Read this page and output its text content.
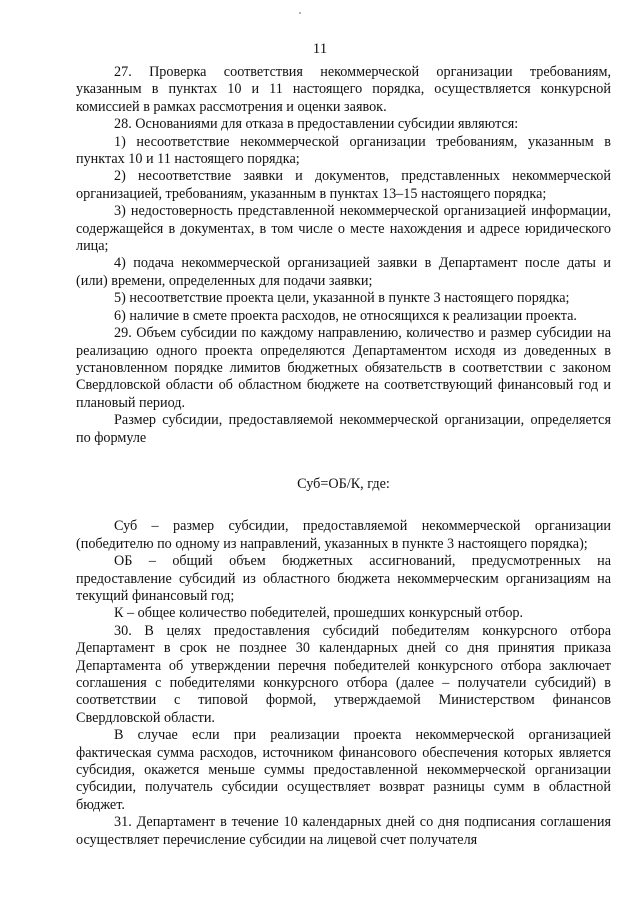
11

27. Проверка соответствия некоммерческой организации требованиям, указанным в пунктах 10 и 11 настоящего порядка, осуществляется конкурсной комиссией в рамках рассмотрения и оценки заявок.

28. Основаниями для отказа в предоставлении субсидии являются:

1) несоответствие некоммерческой организации требованиям, указанным в пунктах 10 и 11 настоящего порядка;

2) несоответствие заявки и документов, представленных некоммерческой организацией, требованиям, указанным в пунктах 13–15 настоящего порядка;

3) недостоверность представленной некоммерческой организацией информации, содержащейся в документах, в том числе о месте нахождения и адресе юридического лица;

4) подача некоммерческой организацией заявки в Департамент после даты и (или) времени, определенных для подачи заявки;

5) несоответствие проекта цели, указанной в пункте 3 настоящего порядка;

6) наличие в смете проекта расходов, не относящихся к реализации проекта.

29. Объем субсидии по каждому направлению, количество и размер субсидии на реализацию одного проекта определяются Департаментом исходя из доведенных в установленном порядке лимитов бюджетных обязательств в соответствии с законом Свердловской области об областном бюджете на соответствующий финансовый год и плановый период.

Размер субсидии, предоставляемой некоммерческой организации, определяется по формуле

Суб=ОБ/К, где:

Суб – размер субсидии, предоставляемой некоммерческой организации (победителю по одному из направлений, указанных в пункте 3 настоящего порядка);

ОБ – общий объем бюджетных ассигнований, предусмотренных на предоставление субсидий из областного бюджета некоммерческим организациям на текущий финансовый год;

К – общее количество победителей, прошедших конкурсный отбор.

30. В целях предоставления субсидий победителям конкурсного отбора Департамент в срок не позднее 30 календарных дней со дня принятия приказа Департамента об утверждении перечня победителей конкурсного отбора заключает соглашения с победителями конкурсного отбора (далее – получатели субсидий) в соответствии с типовой формой, утверждаемой Министерством финансов Свердловской области.

В случае если при реализации проекта некоммерческой организацией фактическая сумма расходов, источником финансового обеспечения которых является субсидия, окажется меньше суммы предоставленной некоммерческой организации субсидии, получатель субсидии осуществляет возврат разницы сумм в областной бюджет.

31. Департамент в течение 10 календарных дней со дня подписания соглашения осуществляет перечисление субсидии на лицевой счет получателя
